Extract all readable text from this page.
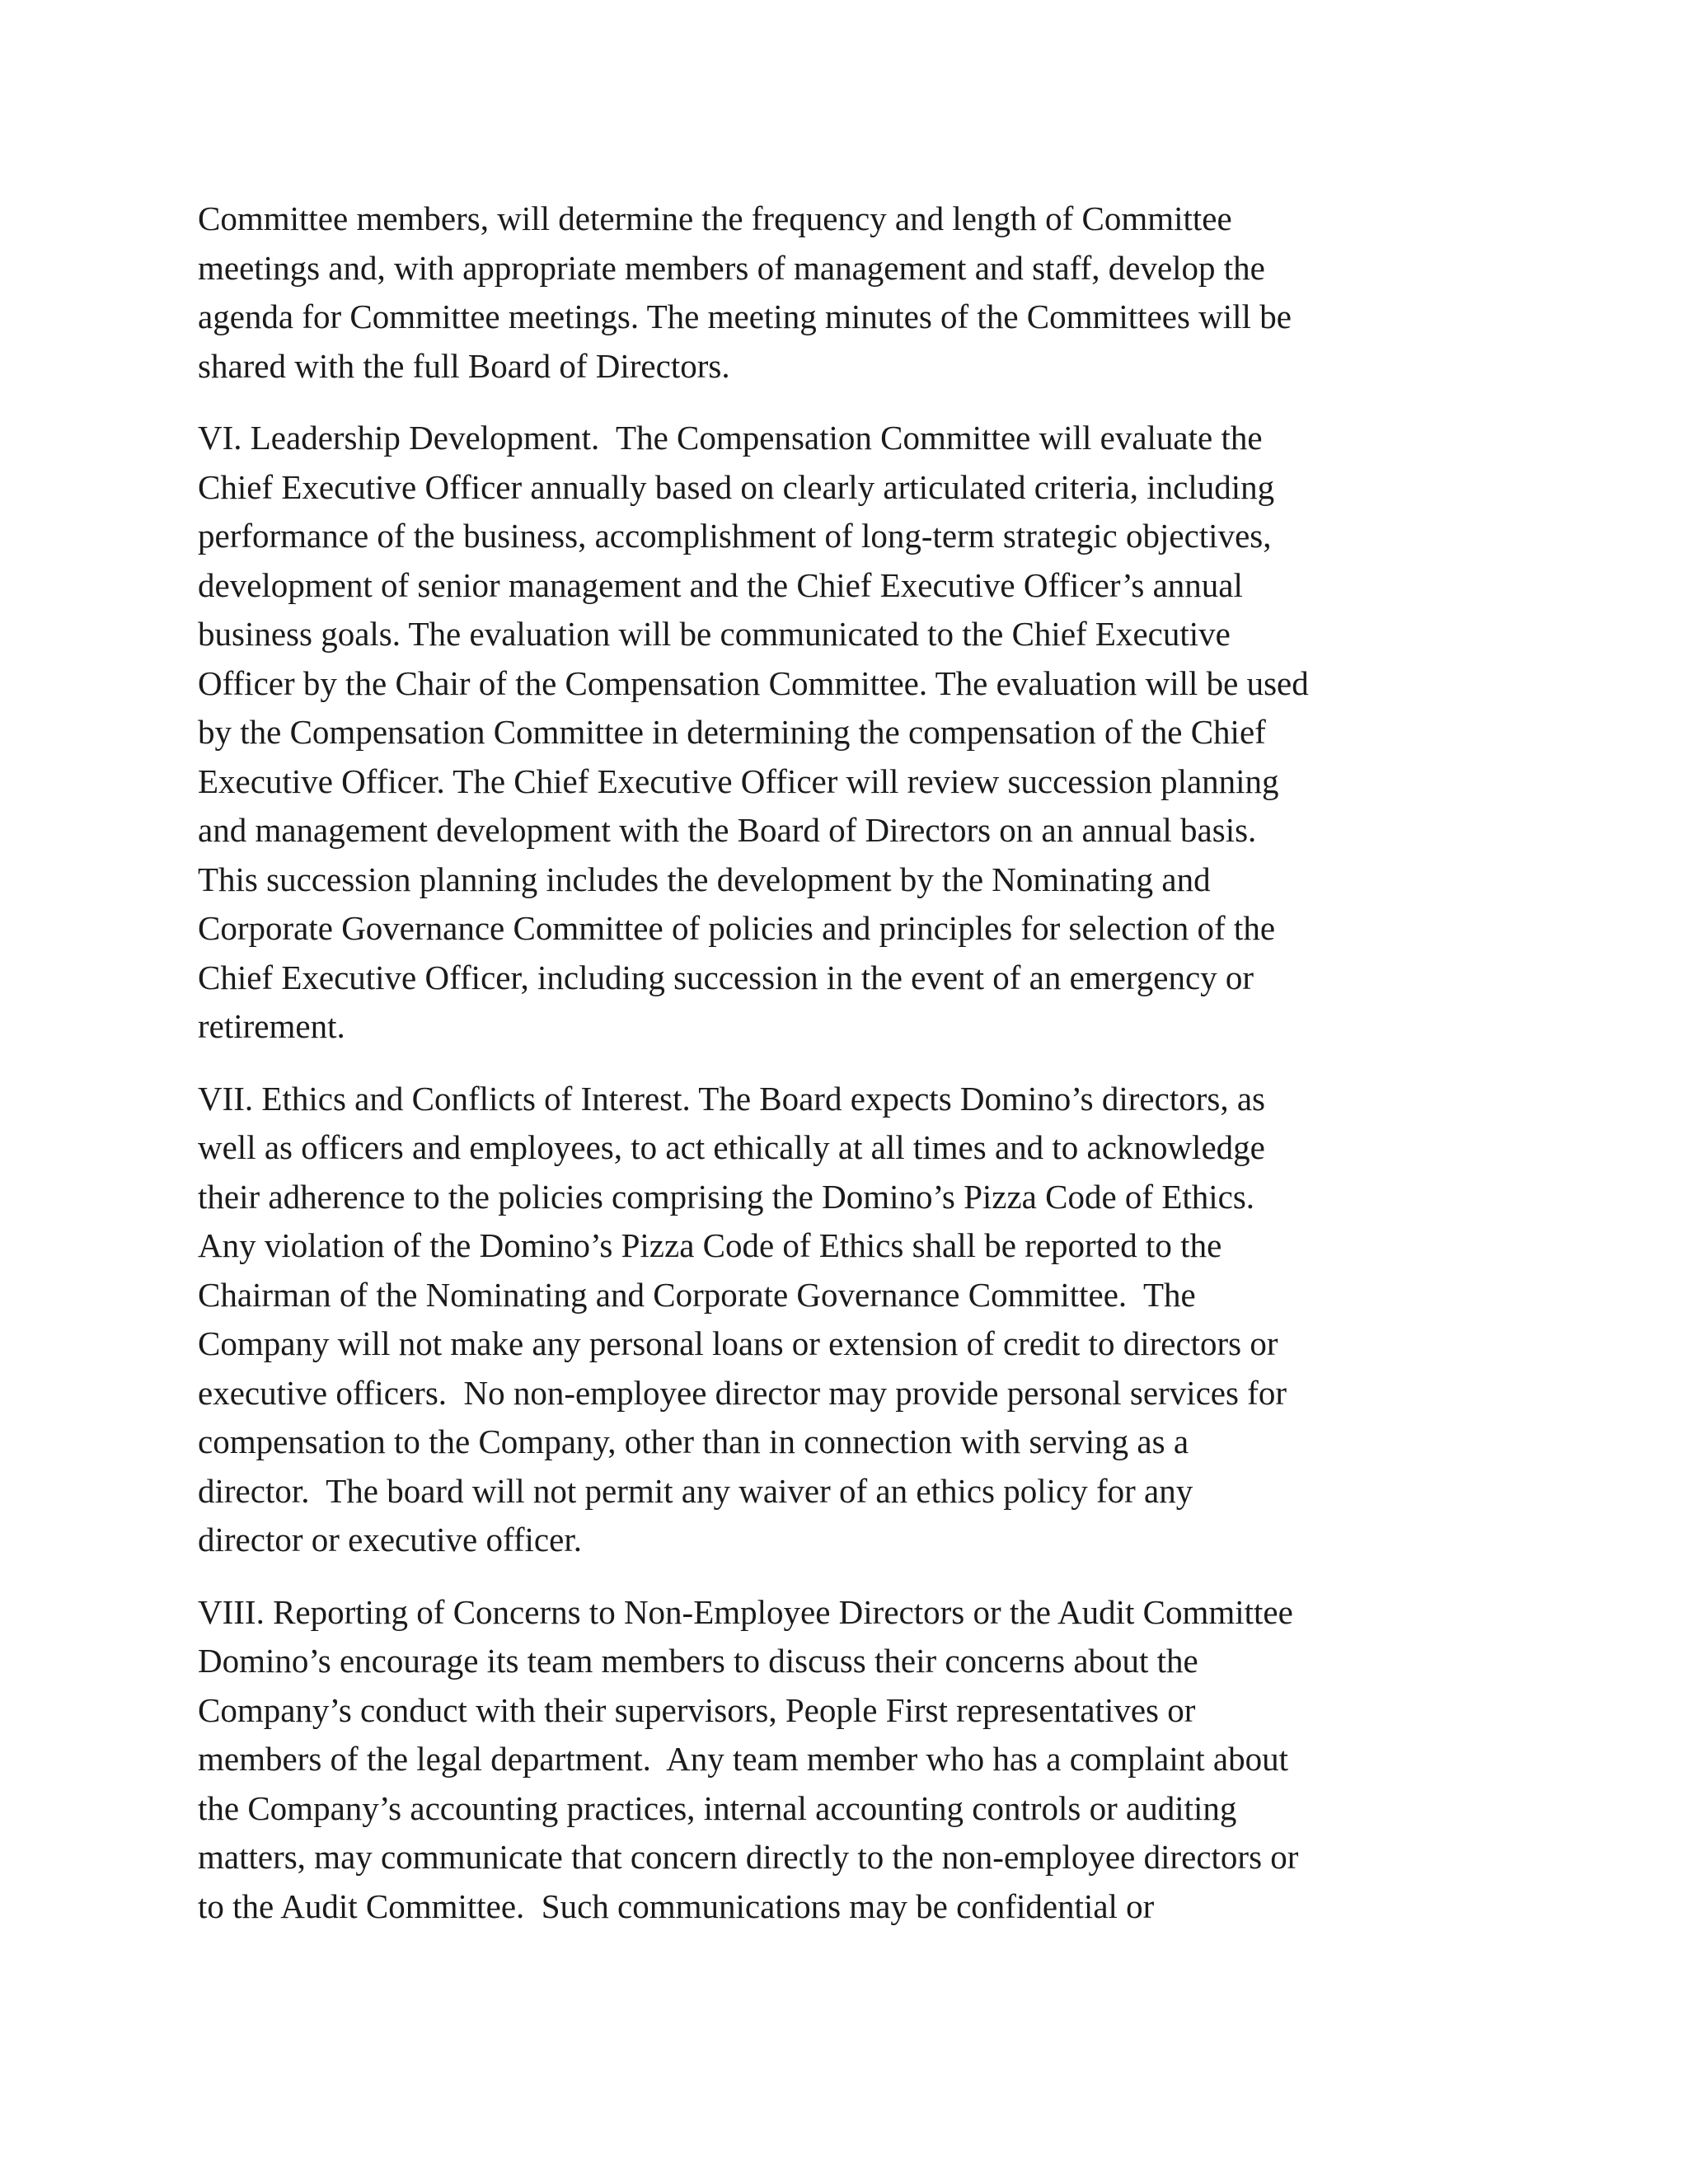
Committee members, will determine the frequency and length of Committee
meetings and, with appropriate members of management and staff, develop the
agenda for Committee meetings. The meeting minutes of the Committees will be
shared with the full Board of Directors.

VI. Leadership Development.  The Compensation Committee will evaluate the
Chief Executive Officer annually based on clearly articulated criteria, including
performance of the business, accomplishment of long-term strategic objectives,
development of senior management and the Chief Executive Officer’s annual
business goals. The evaluation will be communicated to the Chief Executive
Officer by the Chair of the Compensation Committee. The evaluation will be used
by the Compensation Committee in determining the compensation of the Chief
Executive Officer. The Chief Executive Officer will review succession planning
and management development with the Board of Directors on an annual basis.
This succession planning includes the development by the Nominating and
Corporate Governance Committee of policies and principles for selection of the
Chief Executive Officer, including succession in the event of an emergency or
retirement.

VII. Ethics and Conflicts of Interest. The Board expects Domino’s directors, as
well as officers and employees, to act ethically at all times and to acknowledge
their adherence to the policies comprising the Domino’s Pizza Code of Ethics.
Any violation of the Domino’s Pizza Code of Ethics shall be reported to the
Chairman of the Nominating and Corporate Governance Committee.  The
Company will not make any personal loans or extension of credit to directors or
executive officers.  No non-employee director may provide personal services for
compensation to the Company, other than in connection with serving as a
director.  The board will not permit any waiver of an ethics policy for any
director or executive officer.

VIII. Reporting of Concerns to Non-Employee Directors or the Audit Committee
Domino’s encourage its team members to discuss their concerns about the
Company’s conduct with their supervisors, People First representatives or
members of the legal department.  Any team member who has a complaint about
the Company’s accounting practices, internal accounting controls or auditing
matters, may communicate that concern directly to the non-employee directors or
to the Audit Committee.  Such communications may be confidential or
